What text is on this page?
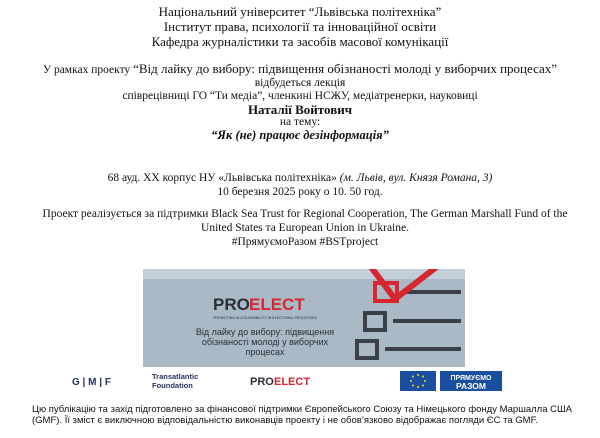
Національний університет “Львівська політехніка”
Інститут права, психології та інноваційної освіти
Кафедра журналістики та засобів масової комунікації
У рамках проекту “Від лайку до вибору: підвищення обізнаності молоді у виборчих процесах”
відбудеться лекція
співрецівниці ГО “Ти медіа”, членкині НСЖУ, медіатренерки, науковиці
Наталії Войтович
на тему:
“Як (не) працює дезінформація”
68 ауд. XX корпус НУ «Львівська політехніка» (м. Львів, вул. Князя Романа, 3)
10 березня 2025 року о 10. 50 год.
Проект реалізується за підтримки Black Sea Trust for Regional Cooperation, The German Marshall Fund of the United States та European Union in Ukraine.
#ПрямуємоРазом #BSTproject
PRO ELECT
PROMOTING ACCOUNTABILITY IN ELECTORAL PROCESSES
Від лайку до вибору: підвищення
обізнаності молоді у виборчих
процесах
G | M | F
Transatlantic
Foundation	PRO ELECT	ПРЯМУЄМО
РАЗОМ
Цю публікацію та захід підготовлено за фінансової підтримки Європейського Союзу та Німецького фонду Маршалла США (GMF). Її зміст є виключною відповідальністю виконавців проекту і не обов’язково відображає погляди ЄС та GMF.
